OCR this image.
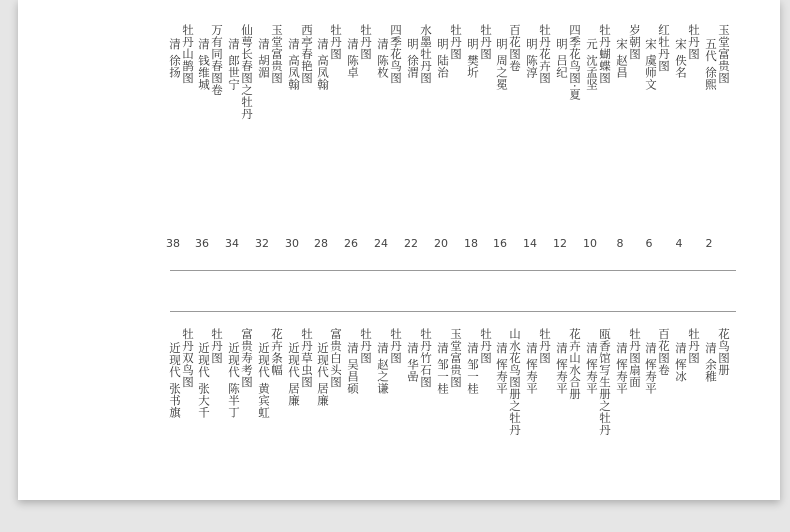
玉堂富贵图
五代 徐熙
2
牡丹图
宋 佚名
4
红牡丹图
宋 虞师文
6
岁朝图
宋 赵昌
8
牡丹蝴蝶图
元 沈孟坚
10
四季花鸟图·夏
明 吕纪
12
牡丹花卉图
明 陈淳
14
百花图卷
明 周之冕
16
牡丹图
明 樊圻
18
牡丹图
明 陆治
20
水墨牡丹图
明 徐渭
22
四季花鸟图
清 陈枚
24
牡丹图
清 陈卓
26
牡丹图
清 高凤翰
28
西亭春艳图
清 高凤翰
30
玉堂富贵图
清 胡湄
32
仙萼长春图之牡丹
清 郎世宁
34
万有同春图卷
清 钱维城
36
牡丹山鹊图
清 徐扬
38
花鸟图册
清 余稚
牡丹图
清 恽冰
百花图卷
清 恽寿平
牡丹图扇面
清 恽寿平
瓯香馆写生册之牡丹
清 恽寿平
花卉山水合册
清 恽寿平
牡丹图
清 恽寿平
山水花鸟图册之牡丹
清 恽寿平
牡丹图
清 邹一桂
玉堂富贵图
清 邹一桂
牡丹竹石图
清 华嵒
牡丹图
清 赵之谦
牡丹图
清 吴昌硕
富贵白头图
近现代 居廉
牡丹草虫图
近现代 居廉
花卉条幅
近现代 黄宾虹
富贵寿考图
近现代 陈半丁
牡丹图
近现代 张大千
牡丹双鸟图
近现代 张书旗
